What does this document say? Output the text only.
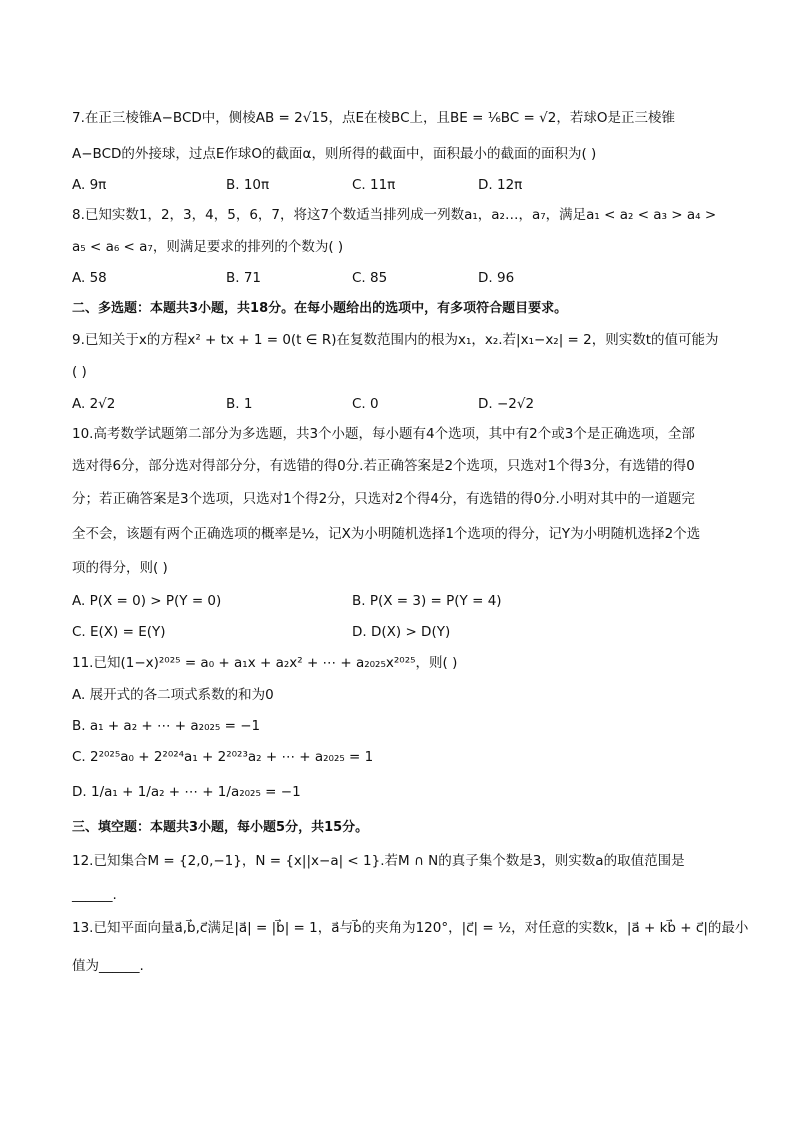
7.在正三棱锥A−BCD中，侧棱AB = 2√15，点E在棱BC上，且BE = ⅙BC = √2，若球O是正三棱锥
A−BCD的外接球，过点E作球O的截面α，则所得的截面中，面积最小的截面的面积为( )
A. 9π	B. 10π	C. 11π	D. 12π
8.已知实数1，2，3，4，5，6，7，将这7个数适当排列成一列数a₁，a₂…，a₇，满足a₁ < a₂ < a₃ > a₄ >
a₅ < a₆ < a₇，则满足要求的排列的个数为( )
A. 58	B. 71	C. 85	D. 96
二、多选题：本题共3小题，共18分。在每小题给出的选项中，有多项符合题目要求。
9.已知关于x的方程x² + tx + 1 = 0(t ∈ R)在复数范围内的根为x₁，x₂.若|x₁−x₂| = 2，则实数t的值可能为
( )
A. 2√2	B. 1	C. 0	D. −2√2
10.高考数学试题第二部分为多选题，共3个小题，每小题有4个选项，其中有2个或3个是正确选项，全部
选对得6分，部分选对得部分分，有选错的得0分.若正确答案是2个选项，只选对1个得3分，有选错的得0
分；若正确答案是3个选项，只选对1个得2分，只选对2个得4分，有选错的得0分.小明对其中的一道题完
全不会，该题有两个正确选项的概率是½，记X为小明随机选择1个选项的得分，记Y为小明随机选择2个选
项的得分，则( )
A. P(X = 0) > P(Y = 0)	B. P(X = 3) = P(Y = 4)
C. E(X) = E(Y)	D. D(X) > D(Y)
11.已知(1−x)²⁰²⁵ = a₀ + a₁x + a₂x² + ⋯ + a₂₀₂₅x²⁰²⁵，则( )
A. 展开式的各二项式系数的和为0
B. a₁ + a₂ + ⋯ + a₂₀₂₅ = −1
C. 2²⁰²⁵a₀ + 2²⁰²⁴a₁ + 2²⁰²³a₂ + ⋯ + a₂₀₂₅ = 1
D. 1/a₁ + 1/a₂ + ⋯ + 1/a₂₀₂₅ = −1
三、填空题：本题共3小题，每小题5分，共15分。
12.已知集合M = {2,0,−1}，N = {x||x−a| < 1}.若M ∩ N的真子集个数是3，则实数a的取值范围是
______.
13.已知平面向量a⃗,b⃗,c⃗满足|a⃗| = |b⃗| = 1，a⃗与b⃗的夹角为120°，|c⃗| = ½，对任意的实数k，|a⃗ + kb⃗ + c⃗|的最小
值为______.
